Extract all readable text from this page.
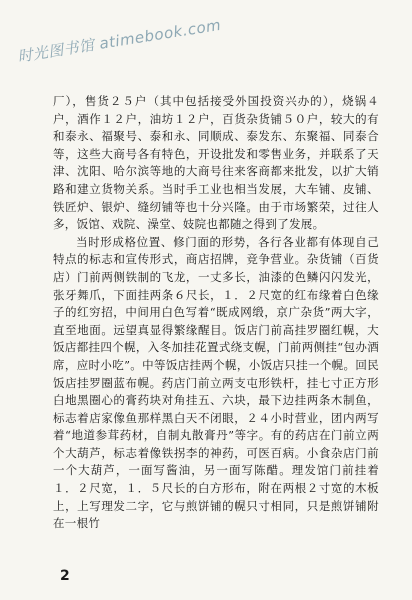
时光图书馆 atimebook.com

厂），售货２５户（其中包括接受外国投资兴办的），烧锅４户，酒作１２户，油坊１２户，百货杂货铺５０户，较大的有和泰永、福聚号、泰和永、同顺成、泰发东、东聚福、同泰合等，这些大商号各有特色，开设批发和零售业务，并联系了天津、沈阳、哈尔滨等地的大商号往来客商都来批发，以扩大销路和建立货物关系。当时手工业也相当发展，大车铺、皮铺、铁匠炉、银炉、缝纫铺等也十分兴隆。由于市场繁荣，过往人多，饭馆、戏院、澡堂、妓院也都随之得到了发展。

当时形成格位置、修门面的形势，各行各业都有体现自己特点的标志和宣传形式，商店招牌，竞争营业。杂货铺（百货店）门前两侧铁制的飞龙，一丈多长，油漆的色鳞闪闪发光，张牙舞爪，下面挂两条６尺长，１．２尺宽的红布缘着白色缘子的红穷招，中间用白色写着“既成网缎，京广杂货”两大字，直至地面。远望真显得繁缘醒目。饭店门前高挂罗圈红幌，大饭店都挂四个幌，入冬加挂花置式绕支幌，门前两侧挂“包办酒席，应时小吃”。中等饭店挂两个幌，小饭店只挂一个幌。回民饭店挂罗圈蓝布幌。药店门前立两支屯形铁杆，挂七寸正方形白地黑圈心的膏药块对角挂五、六块，最下边挂两条木制鱼，标志着店家像鱼那样黑白天不闭眼，２４小时营业，团内两写着“地道参茸药材，自制丸散膏丹”等字。有的药店在门前立两个大葫芦，标志着像铁拐李的神药，可医百病。小食杂店门前一个大葫芦，一面写酱油，另一面写陈醋。理发馆门前挂着１．２尺宽，１．５尺长的白方形布，附在两根２寸宽的木板上，上写理发二字，它与煎饼铺的幌只寸相同，只是煎饼铺附在一根竹

2
